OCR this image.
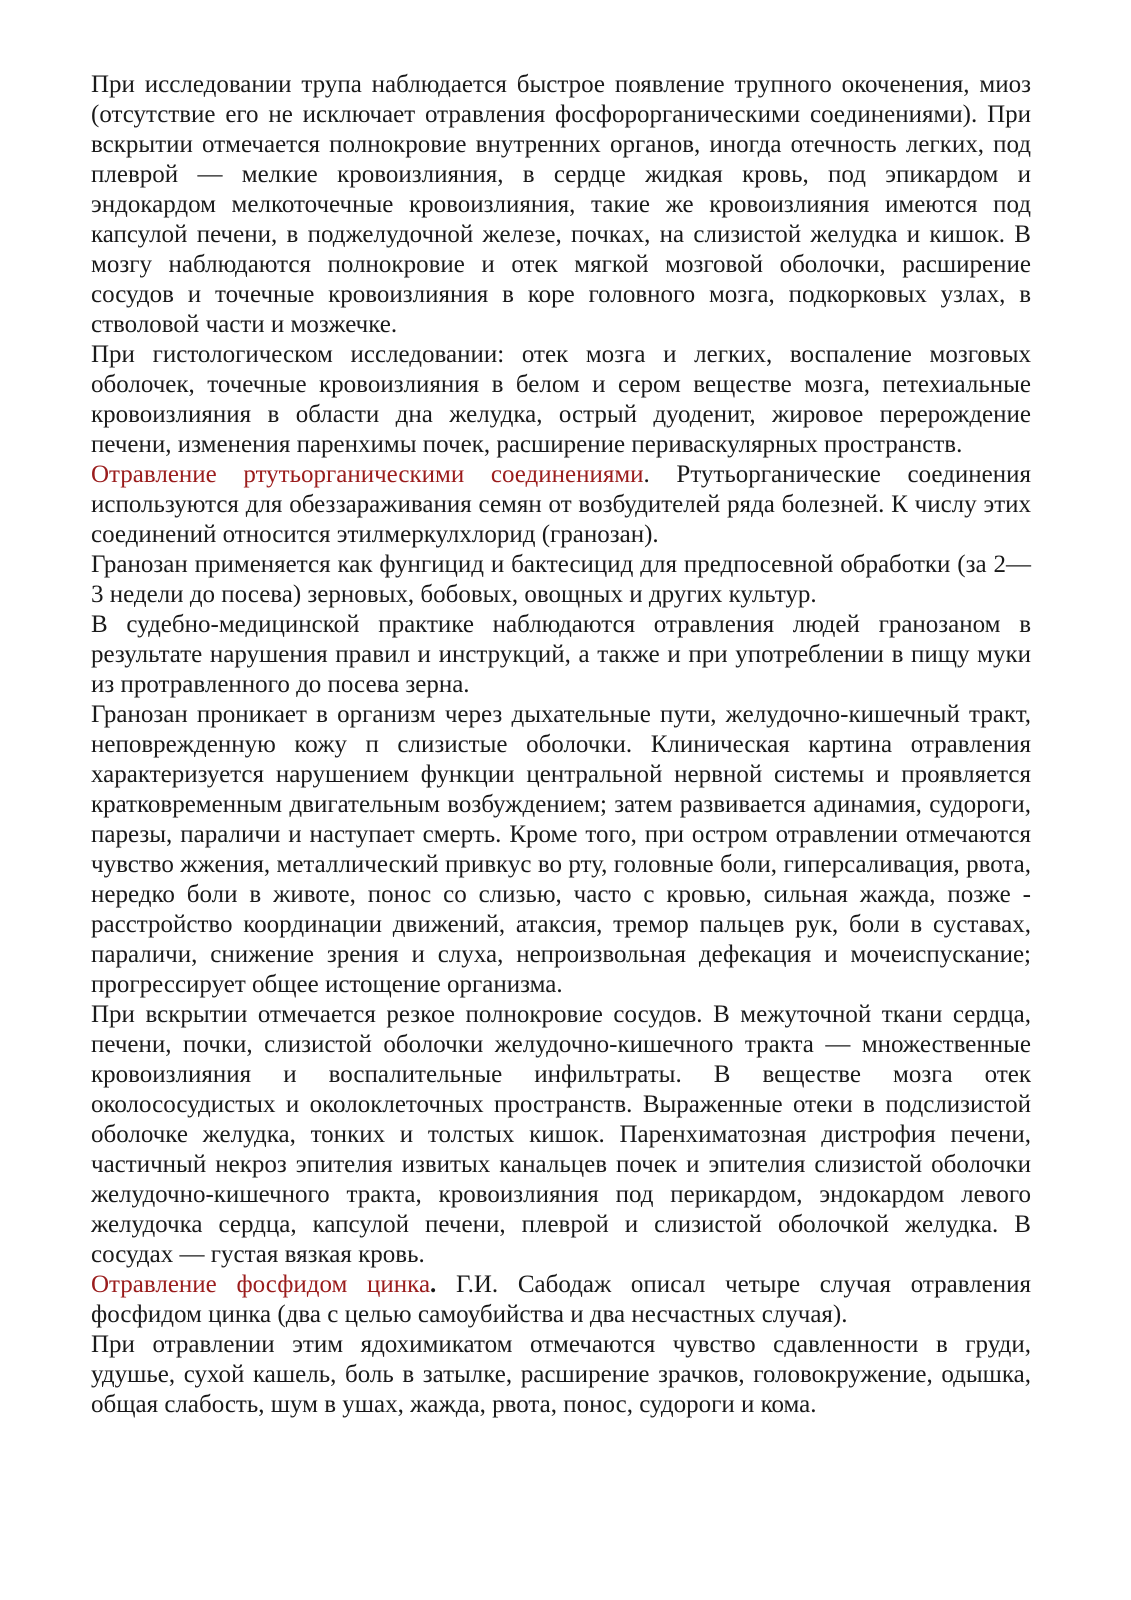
При исследовании трупа наблюдается быстрое появление трупного окоченения, миоз (отсутствие его не исключает отравления фосфорорганическими соединениями). При вскрытии отмечается полнокровие внутренних органов, иногда отечность легких, под плеврой — мелкие кровоизлияния, в сердце жидкая кровь, под эпикардом и эндокардом мелкоточечные кровоизлияния, такие же кровоизлияния имеются под капсулой печени, в поджелудочной железе, почках, на слизистой желудка и кишок. В мозгу наблюдаются полнокровие и отек мягкой мозговой оболочки, расширение сосудов и точечные кровоизлияния в коре головного мозга, подкорковых узлах, в стволовой части и мозжечке.

При гистологическом исследовании: отек мозга и легких, воспаление мозговых оболочек, точечные кровоизлияния в белом и сером веществе мозга, петехиальные кровоизлияния в области дна желудка, острый дуоденит, жировое перерождение печени, изменения паренхимы почек, расширение периваскулярных пространств.

Отравление ртутьорганическими соединениями. Ртутьорганические соединения используются для обеззараживания семян от возбудителей ряда болезней. К числу этих соединений относится этилмеркулхлорид (гранозан).

Гранозан применяется как фунгицид и бактесицид для предпосевной обработки (за 2—3 недели до посева) зерновых, бобовых, овощных и других культур.

В судебно-медицинской практике наблюдаются отравления людей гранозаном в результате нарушения правил и инструкций, а также и при употреблении в пищу муки из протравленного до посева зерна.

Гранозан проникает в организм через дыхательные пути, желудочно-кишечный тракт, неповрежденную кожу п слизистые оболочки. Клиническая картина отравления характеризуется нарушением функции центральной нервной системы и проявляется кратковременным двигательным возбуждением; затем развивается адинамия, судороги, парезы, параличи и наступает смерть. Кроме того, при остром отравлении отмечаются чувство жжения, металлический привкус во рту, головные боли, гиперсаливация, рвота, нередко боли в животе, понос со слизью, часто с кровью, сильная жажда, позже - расстройство координации движений, атаксия, тремор пальцев рук, боли в суставах, параличи, снижение зрения и слуха, непроизвольная дефекация и мочеиспускание; прогрессирует общее истощение организма.

При вскрытии отмечается резкое полнокровие сосудов. В межуточной ткани сердца, печени, почки, слизистой оболочки желудочно-кишечного тракта — множественные кровоизлияния и воспалительные инфильтраты. В веществе мозга отек околососудистых и околоклеточных пространств. Выраженные отеки в подслизистой оболочке желудка, тонких и толстых кишок. Паренхиматозная дистрофия печени, частичный некроз эпителия извитых канальцев почек и эпителия слизистой оболочки желудочно-кишечного тракта, кровоизлияния под перикардом, эндокардом левого желудочка сердца, капсулой печени, плеврой и слизистой оболочкой желудка. В сосудах — густая вязкая кровь.

Отравление фосфидом цинка. Г.И. Сабодаж описал четыре случая отравления фосфидом цинка (два с целью самоубийства и два несчастных случая).

При отравлении этим ядохимикатом отмечаются чувство сдавленности в груди, удушье, сухой кашель, боль в затылке, расширение зрачков, головокружение, одышка, общая слабость, шум в ушах, жажда, рвота, понос, судороги и кома.
